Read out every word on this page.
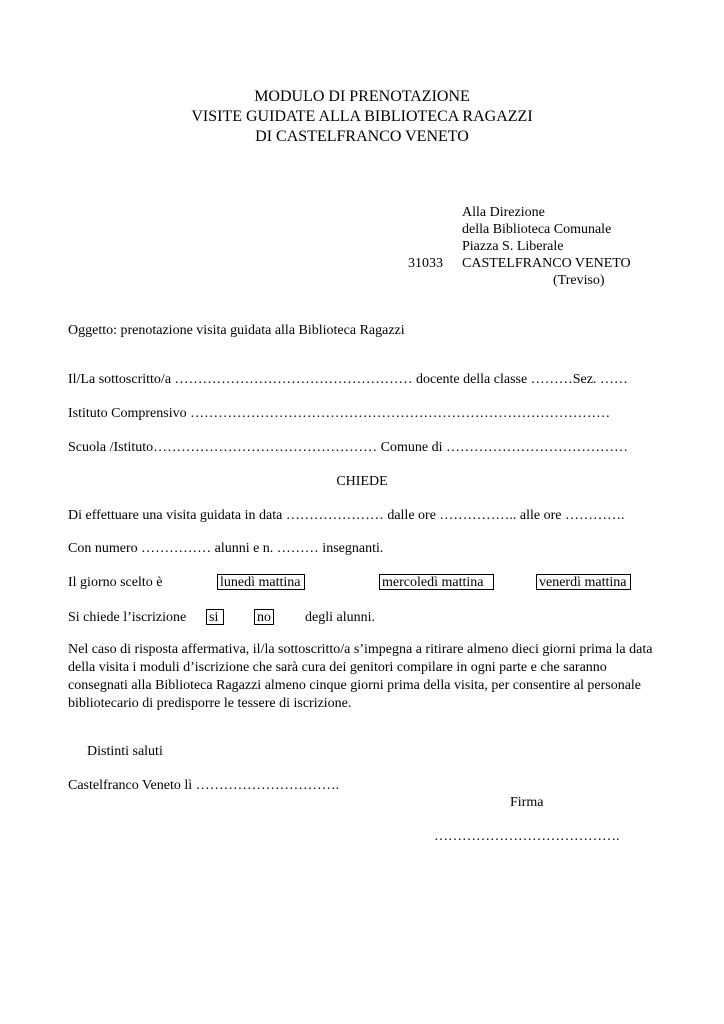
MODULO DI PRENOTAZIONE
VISITE GUIDATE ALLA BIBLIOTECA RAGAZZI
DI CASTELFRANCO VENETO
Alla Direzione
della Biblioteca Comunale
Piazza S. Liberale
31033 CASTELFRANCO VENETO
(Treviso)
Oggetto: prenotazione visita guidata alla Biblioteca Ragazzi
Il/La sottoscritto/a …………………………………………… docente della classe ………Sez. ……
Istituto Comprensivo ………………………………………………………………………………
Scuola /Istituto………………………………………… Comune di …………………………………
CHIEDE
Di effettuare una visita guidata in data ………………… dalle ore …………….. alle ore ………….
Con numero …………… alunni e n. ……… insegnanti.
Il giorno scelto è	lunedì mattina	mercoledì mattina	venerdì mattina
Si chiede l’iscrizione si	no degli alunni.
Nel caso di risposta affermativa, il/la sottoscritto/a s’impegna a ritirare almeno dieci giorni prima la data della visita i moduli d’iscrizione che sarà cura dei genitori compilare in ogni parte e che saranno consegnati alla Biblioteca Ragazzi almeno cinque giorni prima della visita, per consentire al personale bibliotecario di predisporre le tessere di iscrizione.
Distinti saluti
Castelfranco Veneto lì ………………………….
Firma
………………………………….
